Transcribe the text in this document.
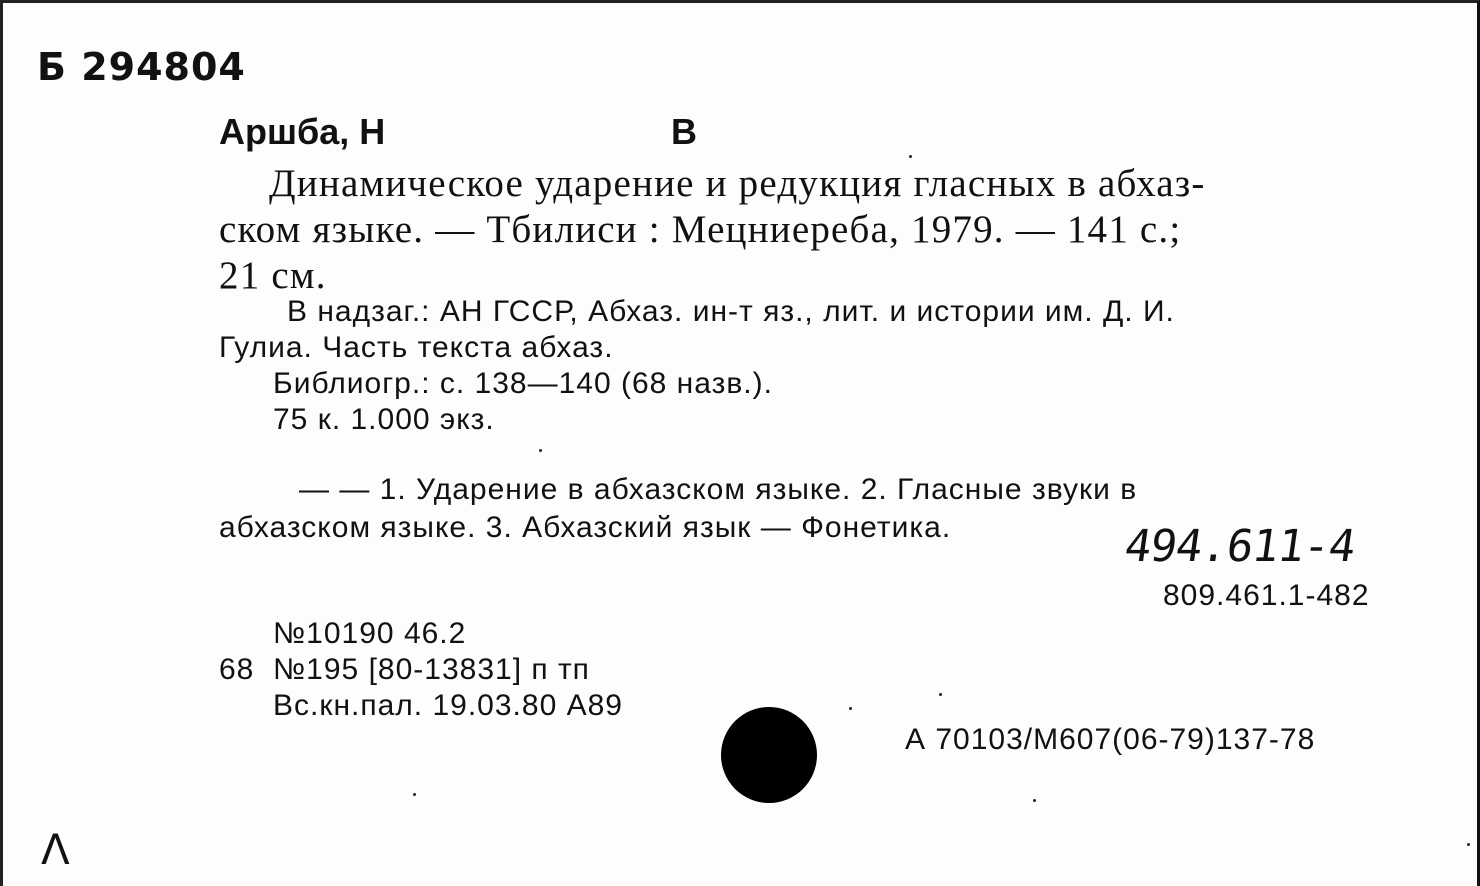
Б 294804
Аршба, Н	В
Динамическое ударение и редукция гласных в абхаз-
ском языке. — Тбилиси : Мецниереба, 1979. — 141 с.;
21 см.
В надзаг.: АН ГССР, Абхаз. ин-т яз., лит. и истории им. Д. И.
Гулиа. Часть текста абхаз.
Библиогр.: с. 138—140 (68 назв.).
75 к. 1.000 экз.
— — 1. Ударение в абхазском языке. 2. Гласные звуки в
абхазском языке. 3. Абхазский язык — Фонетика.	494.611-4
809.461.1-482
№10190 46.2
68 №195 [80-13831] п тп
Вс.кн.пал. 19.03.80 А89
А 70103/М607(06-79)137-78
Λ
